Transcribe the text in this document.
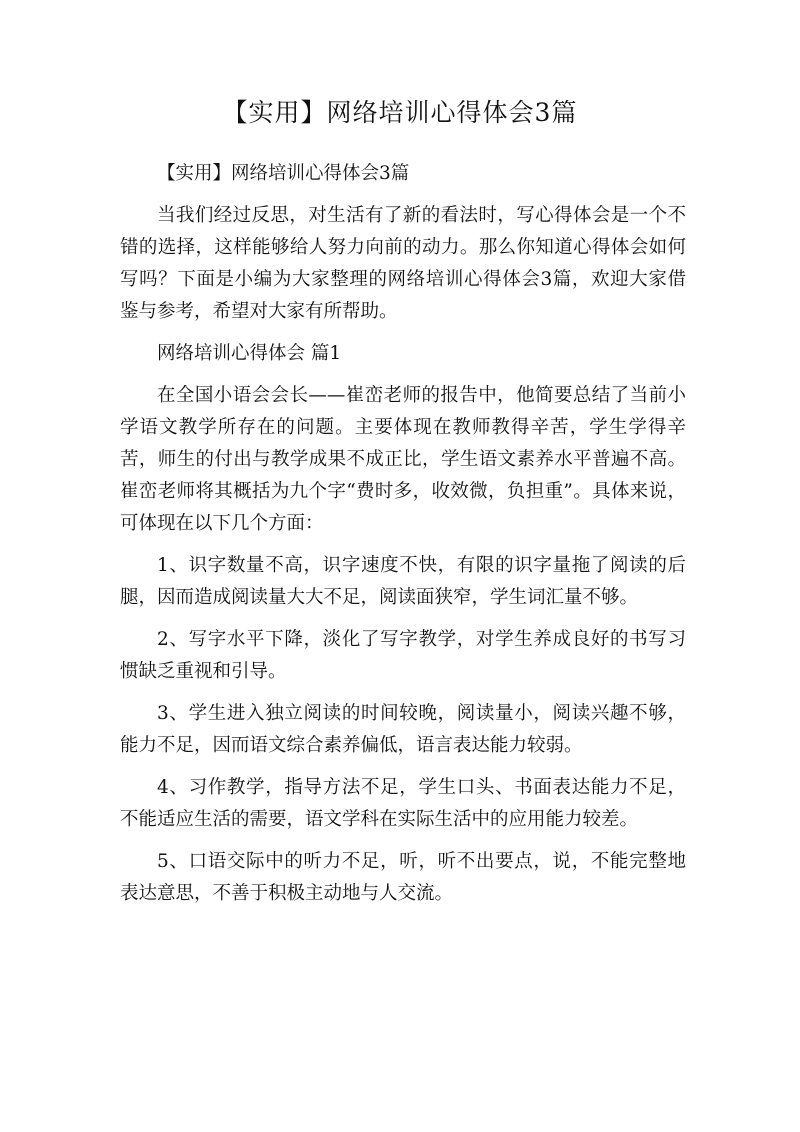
【实用】网络培训心得体会3篇

【实用】网络培训心得体会3篇

当我们经过反思，对生活有了新的看法时，写心得体会是一个不错的选择，这样能够给人努力向前的动力。那么你知道心得体会如何写吗？下面是小编为大家整理的网络培训心得体会3篇，欢迎大家借鉴与参考，希望对大家有所帮助。

网络培训心得体会 篇1

在全国小语会会长——崔峦老师的报告中，他简要总结了当前小学语文教学所存在的问题。主要体现在教师教得辛苦，学生学得辛苦，师生的付出与教学成果不成正比，学生语文素养水平普遍不高。崔峦老师将其概括为九个字“费时多，收效微，负担重”。具体来说，可体现在以下几个方面：

1、识字数量不高，识字速度不快，有限的识字量拖了阅读的后腿，因而造成阅读量大大不足，阅读面狭窄，学生词汇量不够。

2、写字水平下降，淡化了写字教学，对学生养成良好的书写习惯缺乏重视和引导。

3、学生进入独立阅读的时间较晚，阅读量小，阅读兴趣不够，能力不足，因而语文综合素养偏低，语言表达能力较弱。

4、习作教学，指导方法不足，学生口头、书面表达能力不足，不能适应生活的需要，语文学科在实际生活中的应用能力较差。

5、口语交际中的听力不足，听，听不出要点，说，不能完整地表达意思，不善于积极主动地与人交流。
